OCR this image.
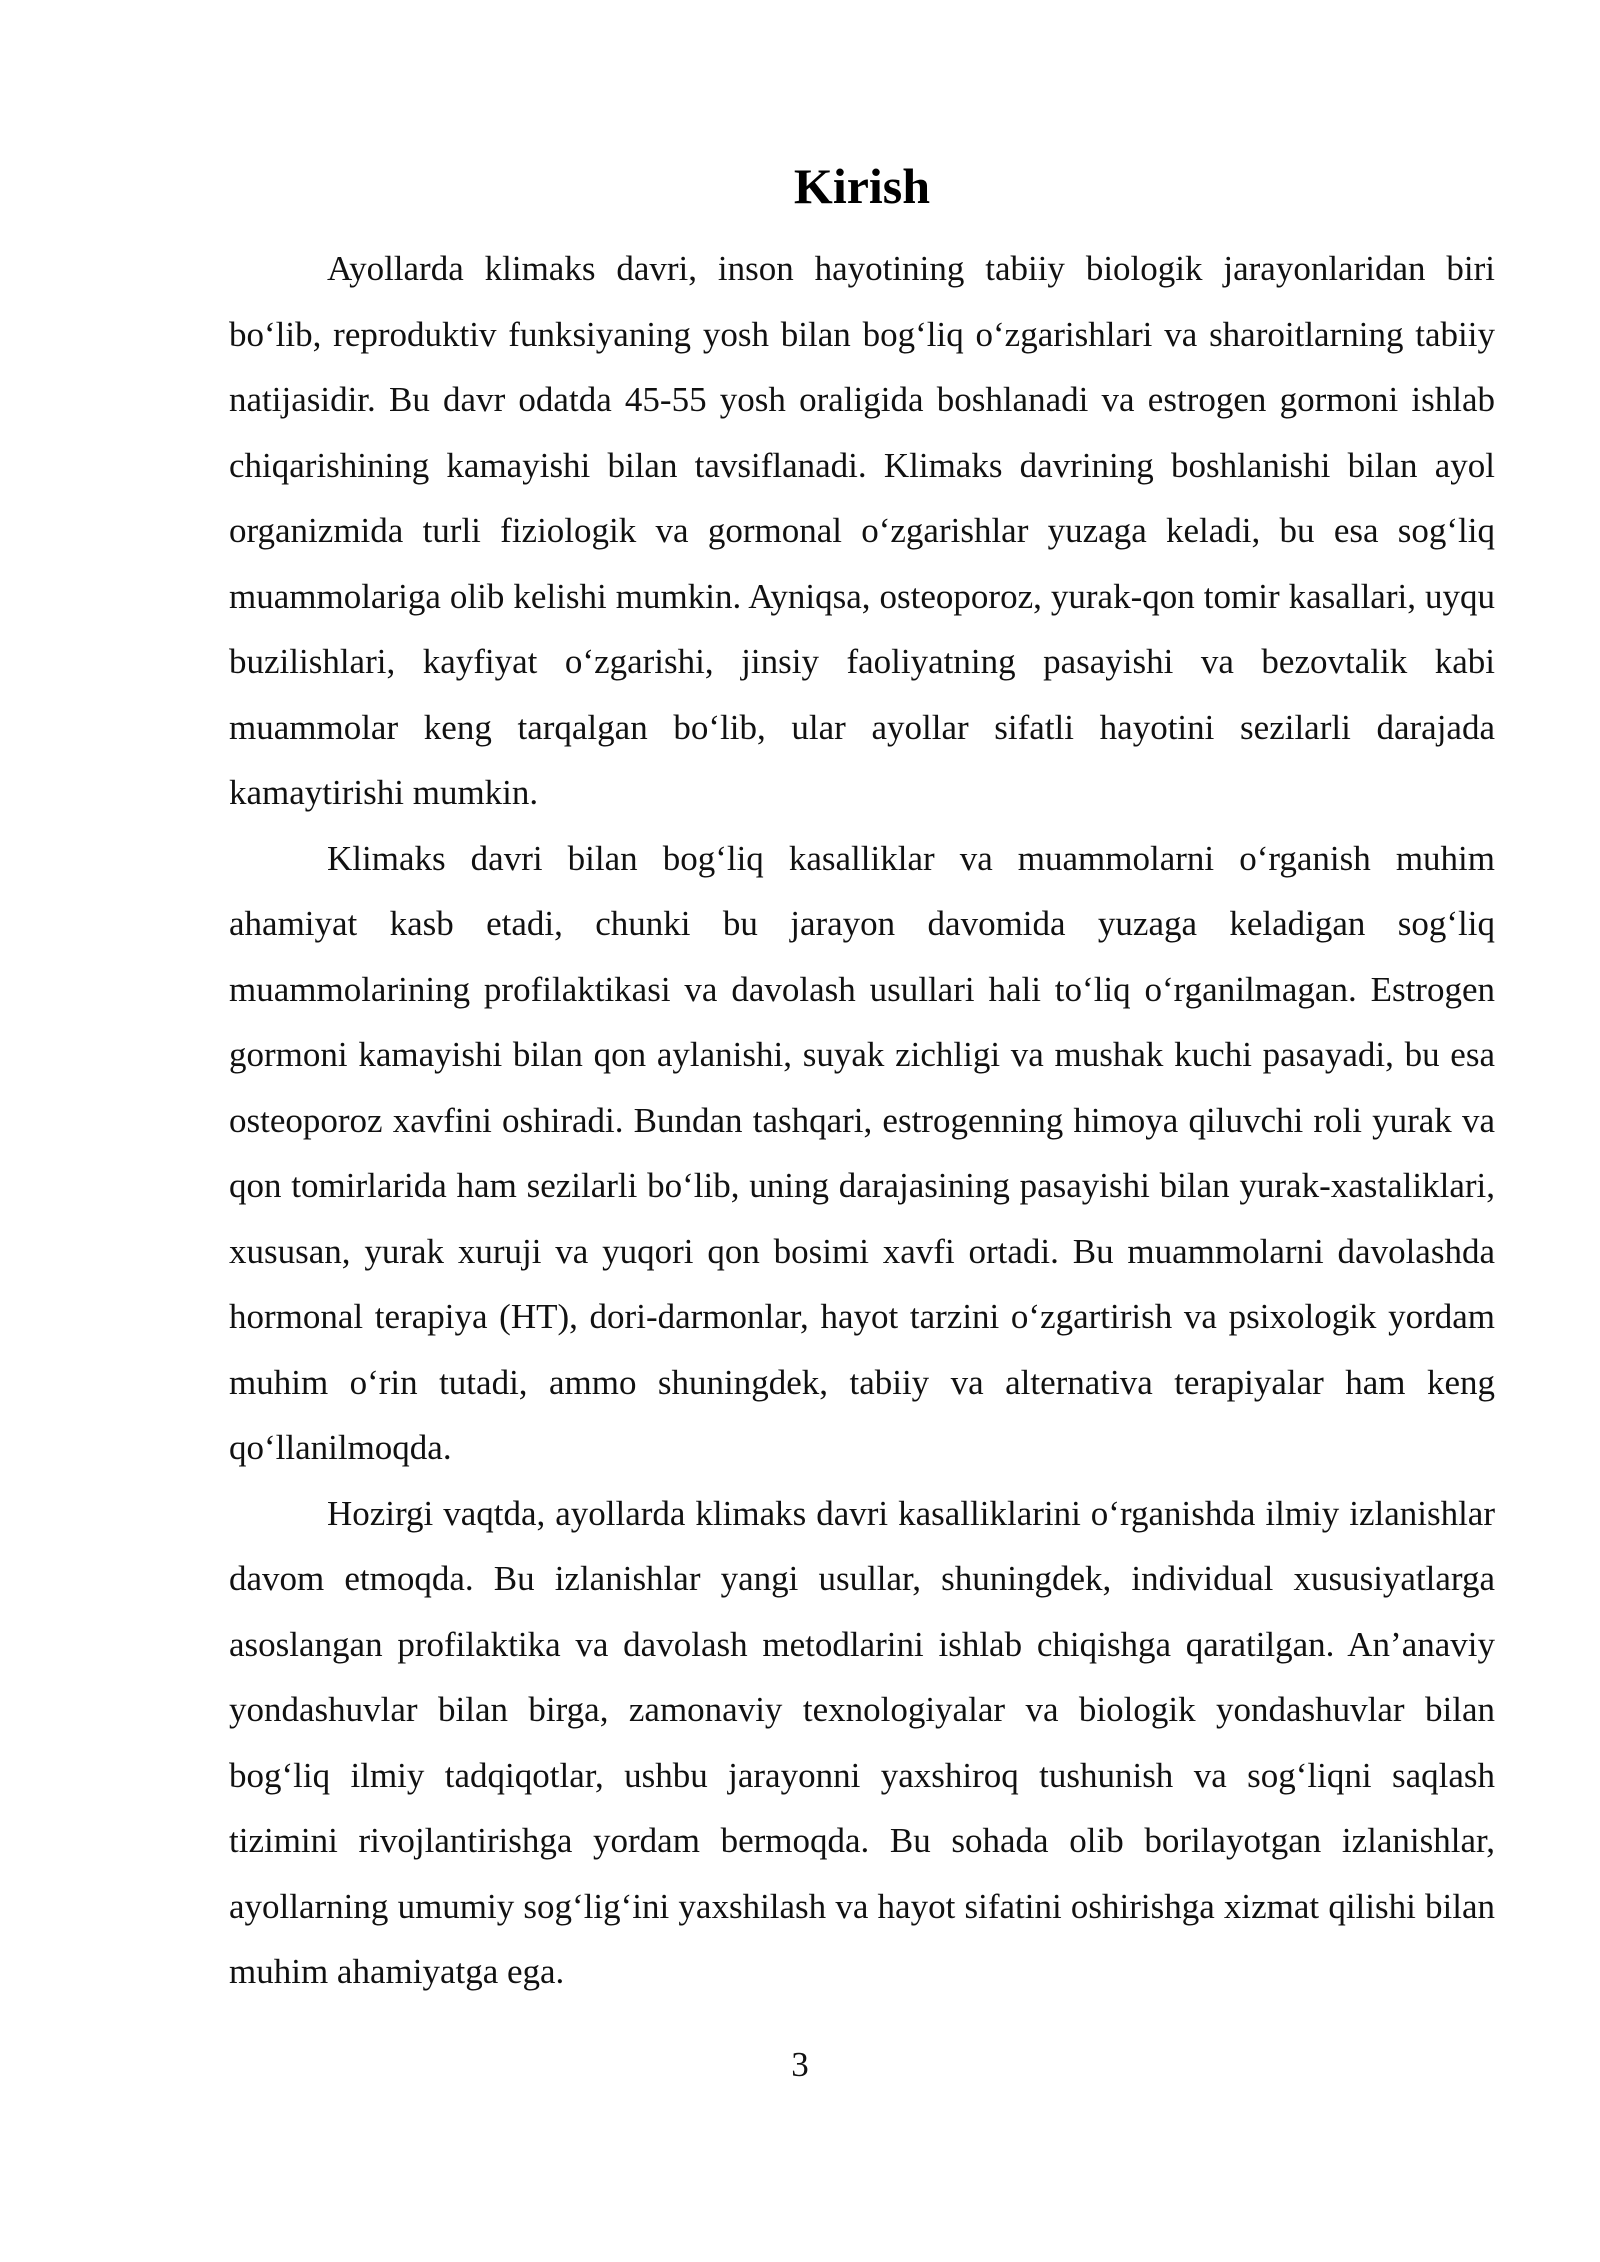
Kirish

Ayollarda klimaks davri, inson hayotining tabiiy biologik jarayonlaridan biri bo‘lib, reproduktiv funksiyaning yosh bilan bog‘liq o‘zgarishlari va sharoitlarning tabiiy natijasidir. Bu davr odatda 45-55 yosh oraligida boshlanadi va estrogen gormoni ishlab chiqarishining kamayishi bilan tavsiflanadi. Klimaks davrining boshlanishi bilan ayol organizmida turli fiziologik va gormonal o‘zgarishlar yuzaga keladi, bu esa sog‘liq muammolariga olib kelishi mumkin. Ayniqsa, osteoporoz, yurak-qon tomir kasallari, uyqu buzilishlari, kayfiyat o‘zgarishi, jinsiy faoliyatning pasayishi va bezovtalik kabi muammolar keng tarqalgan bo‘lib, ular ayollar sifatli hayotini sezilarli darajada kamaytirishi mumkin.

Klimaks davri bilan bog‘liq kasalliklar va muammolarni o‘rganish muhim ahamiyat kasb etadi, chunki bu jarayon davomida yuzaga keladigan sog‘liq muammolarining profilaktikasi va davolash usullari hali to‘liq o‘rganilmagan. Estrogen gormoni kamayishi bilan qon aylanishi, suyak zichligi va mushak kuchi pasayadi, bu esa osteoporoz xavfini oshiradi. Bundan tashqari, estrogenning himoya qiluvchi roli yurak va qon tomirlarida ham sezilarli bo‘lib, uning darajasining pasayishi bilan yurak-xastaliklari, xususan, yurak xuruji va yuqori qon bosimi xavfi ortadi. Bu muammolarni davolashda hormonal terapiya (HT), dori-darmonlar, hayot tarzini o‘zgartirish va psixologik yordam muhim o‘rin tutadi, ammo shuningdek, tabiiy va alternativa terapiyalar ham keng qo‘llanilmoqda.

Hozirgi vaqtda, ayollarda klimaks davri kasalliklarini o‘rganishda ilmiy izlanishlar davom etmoqda. Bu izlanishlar yangi usullar, shuningdek, individual xususiyatlarga asoslangan profilaktika va davolash metodlarini ishlab chiqishga qaratilgan. An’anaviy yondashuvlar bilan birga, zamonaviy texnologiyalar va biologik yondashuvlar bilan bog‘liq ilmiy tadqiqotlar, ushbu jarayonni yaxshiroq tushunish va sog‘liqni saqlash tizimini rivojlantirishga yordam bermoqda. Bu sohada olib borilayotgan izlanishlar, ayollarning umumiy sog‘lig‘ini yaxshilash va hayot sifatini oshirishga xizmat qilishi bilan muhim ahamiyatga ega.

3
